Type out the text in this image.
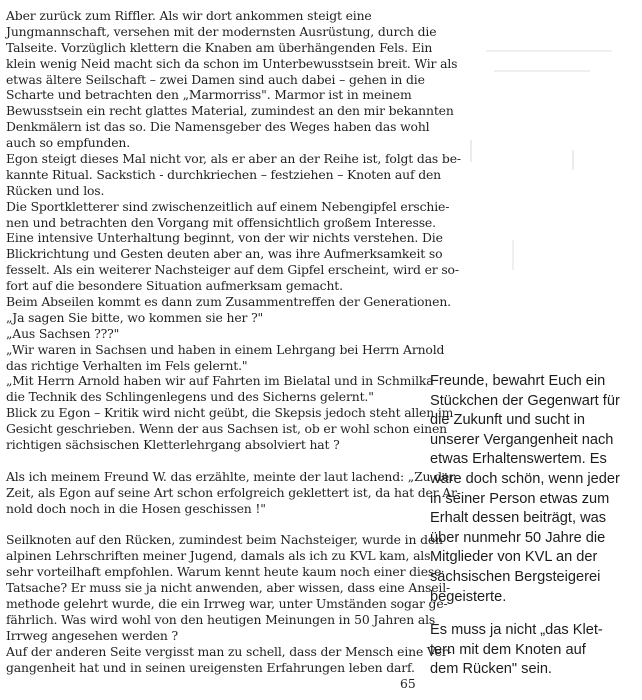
Aber zurück zum Riffler. Als wir dort ankommen steigt eine
Jungmannschaft, versehen mit der modernsten Ausrüstung, durch die
Talseite. Vorzüglich klettern die Knaben am überhängenden Fels. Ein
klein wenig Neid macht sich da schon im Unterbewusstsein breit. Wir als
etwas ältere Seilschaft – zwei Damen sind auch dabei – gehen in die
Scharte und betrachten den „Marmorriss". Marmor ist in meinem
Bewusstsein ein recht glattes Material, zumindest an den mir bekannten
Denkmälern ist das so. Die Namensgeber des Weges haben das wohl
auch so empfunden.
Egon steigt dieses Mal nicht vor, als er aber an der Reihe ist, folgt das be-
kannte Ritual. Sackstich - durchkriechen – festziehen – Knoten auf den
Rücken und los.
Die Sportkletterer sind zwischenzeitlich auf einem Nebengipfel erschie-
nen und betrachten den Vorgang mit offensichtlich großem Interesse.
Eine intensive Unterhaltung beginnt, von der wir nichts verstehen. Die
Blickrichtung und Gesten deuten aber an, was ihre Aufmerksamkeit so
fesselt. Als ein weiterer Nachsteiger auf dem Gipfel erscheint, wird er so-
fort auf die besondere Situation aufmerksam gemacht.
Beim Abseilen kommt es dann zum Zusammentreffen der Generationen.
„Ja sagen Sie bitte, wo kommen sie her ?"
„Aus Sachsen ???"
„Wir waren in Sachsen und haben in einem Lehrgang bei Herrn Arnold
das richtige Verhalten im Fels gelernt."
„Mit Herrn Arnold haben wir auf Fahrten im Bielatal und in Schmilka
die Technik des Schlingenlegens und des Sicherns gelernt."
Blick zu Egon – Kritik wird nicht geübt, die Skepsis jedoch steht allen im
Gesicht geschrieben. Wenn der aus Sachsen ist, ob er wohl schon einen
richtigen sächsischen Kletterlehrgang absolviert hat ?
Als ich meinem Freund W. das erzählte, meinte der laut lachend: „Zu der
Zeit, als Egon auf seine Art schon erfolgreich geklettert ist, da hat der Ar-
nold doch noch in die Hosen geschissen !"
Seilknoten auf den Rücken, zumindest beim Nachsteiger, wurde in den
alpinen Lehrschriften meiner Jugend, damals als ich zu KVL kam, als
sehr vorteilhaft empfohlen. Warum kennt heute kaum noch einer diese
Tatsache? Er muss sie ja nicht anwenden, aber wissen, dass eine Anseil-
methode gelehrt wurde, die ein Irrweg war, unter Umständen sogar ge-
fährlich. Was wird wohl von den heutigen Meinungen in 50 Jahren als
Irrweg angesehen werden ?
Auf der anderen Seite vergisst man zu schell, dass der Mensch eine Ver-
gangenheit hat und in seinen ureigensten Erfahrungen leben darf.
Freunde, bewahrt Euch ein
Stückchen der Gegenwart für
die Zukunft und sucht in
unserer Vergangenheit nach
etwas Erhaltenswertem. Es
wäre doch schön, wenn jeder
in seiner Person etwas zum
Erhalt dessen beiträgt, was
über nunmehr 50 Jahre die
Mitglieder von KVL an der
sächsischen Bergsteigerei
begeisterte.
Es muss ja nicht „das Klet-
tern mit dem Knoten auf
dem Rücken" sein.
65
